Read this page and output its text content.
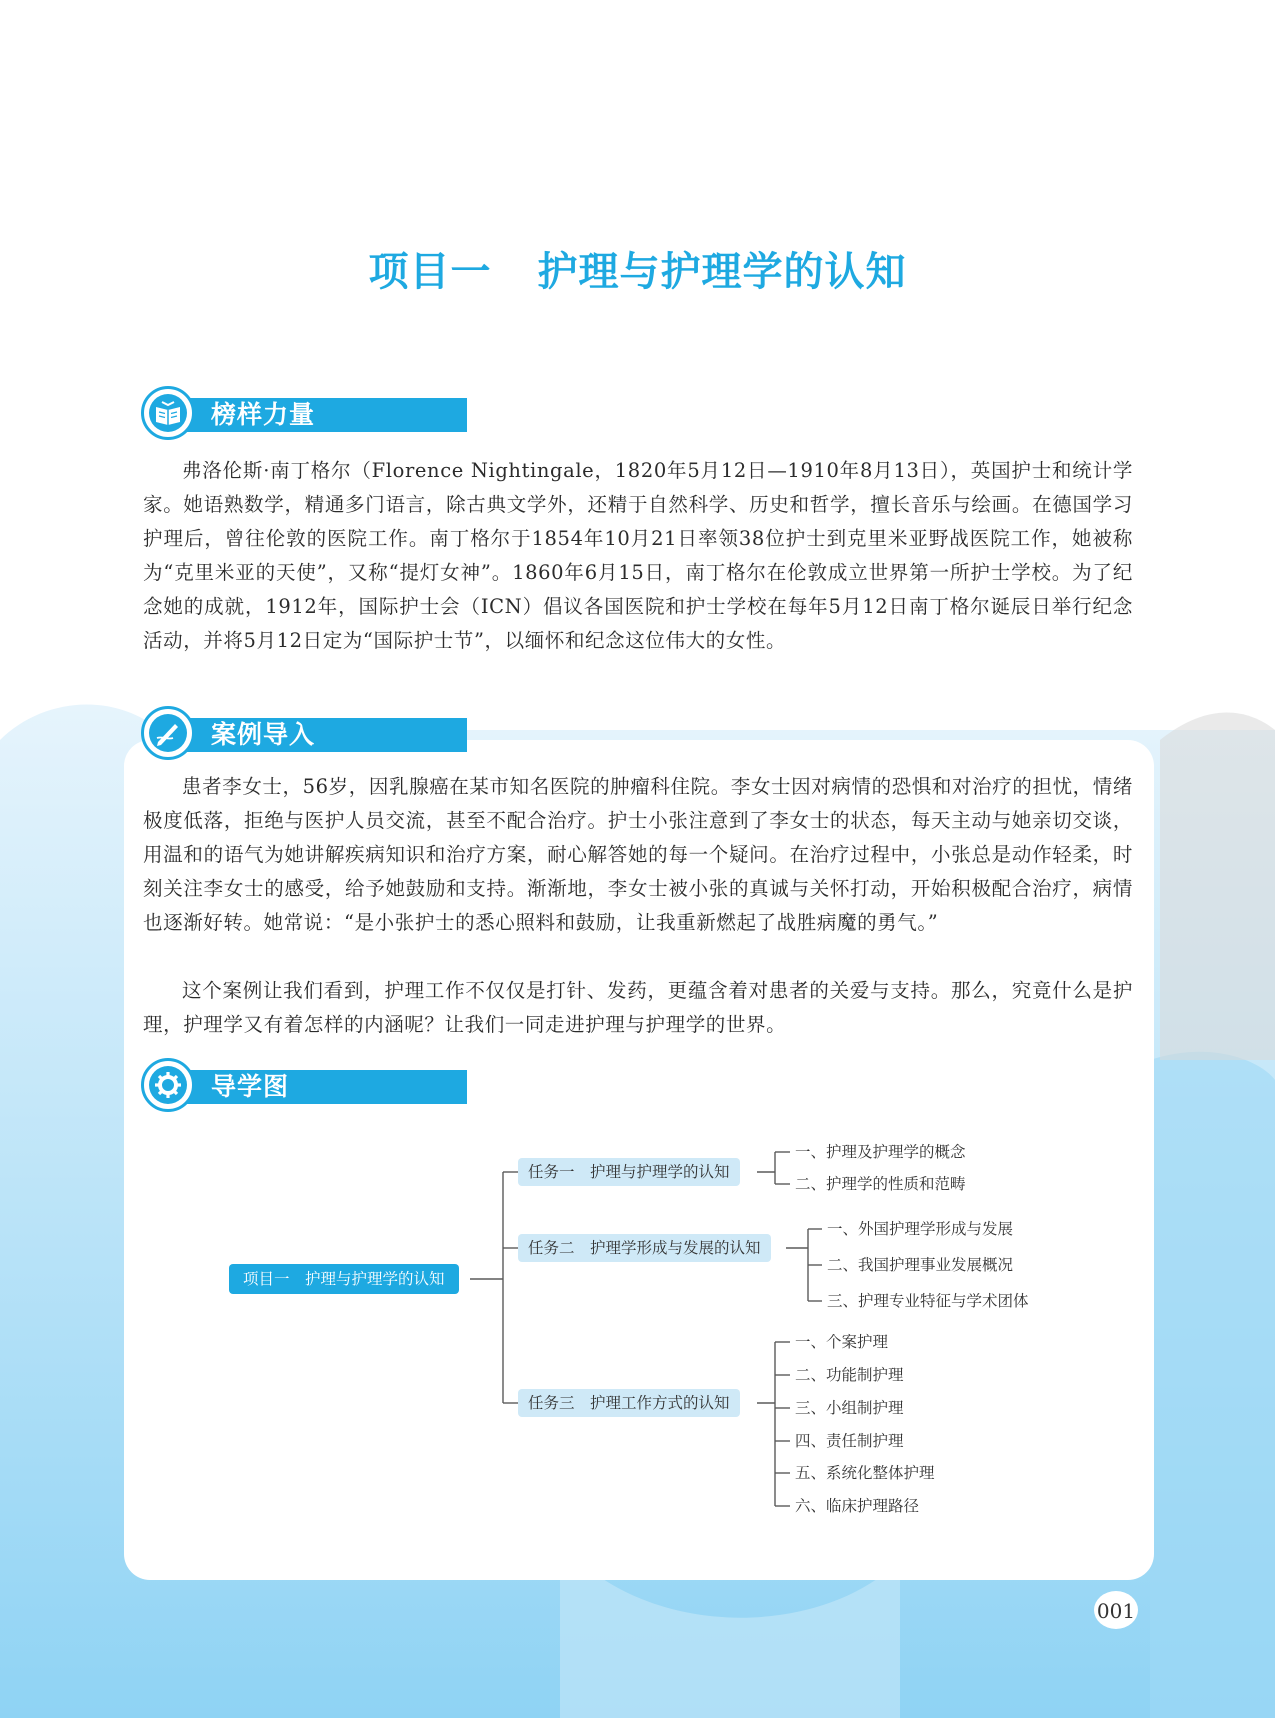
项目一 护理与护理学的认知
榜样力量

弗洛伦斯·南丁格尔（Florence Nightingale，1820年5月12日—1910年8月13日），英国护士和统计学家。她语熟数学，精通多门语言，除古典文学外，还精于自然科学、历史和哲学，擅长音乐与绘画。在德国学习护理后，曾往伦敦的医院工作。南丁格尔于1854年10月21日率领38位护士到克里米亚野战医院工作，她被称为“克里米亚的天使”，又称“提灯女神”。1860年6月15日，南丁格尔在伦敦成立世界第一所护士学校。为了纪念她的成就，1912年，国际护士会（ICN）倡议各国医院和护士学校在每年5月12日南丁格尔诞辰日举行纪念活动，并将5月12日定为“国际护士节”，以缅怀和纪念这位伟大的女性。

案例导入

患者李女士，56岁，因乳腺癌在某市知名医院的肿瘤科住院。李女士因对病情的恐惧和对治疗的担忧，情绪极度低落，拒绝与医护人员交流，甚至不配合治疗。护士小张注意到了李女士的状态，每天主动与她亲切交谈，用温和的语气为她讲解疾病知识和治疗方案，耐心解答她的每一个疑问。在治疗过程中，小张总是动作轻柔，时刻关注李女士的感受，给予她鼓励和支持。渐渐地，李女士被小张的真诚与关怀打动，开始积极配合治疗，病情也逐渐好转。她常说：“是小张护士的悉心照料和鼓励，让我重新燃起了战胜病魔的勇气。”

这个案例让我们看到，护理工作不仅仅是打针、发药，更蕴含着对患者的关爱与支持。那么，究竟什么是护理，护理学又有着怎样的内涵呢？让我们一同走进护理与护理学的世界。

导学图
项目一　护理与护理学的认知
任务一　护理与护理学的认知
任务二　护理学形成与发展的认知
任务三　护理工作方式的认知
一、护理及护理学的概念
二、护理学的性质和范畴
一、外国护理学形成与发展
二、我国护理事业发展概况
三、护理专业特征与学术团体
一、个案护理
二、功能制护理
三、小组制护理
四、责任制护理
五、系统化整体护理
六、临床护理路径
001
